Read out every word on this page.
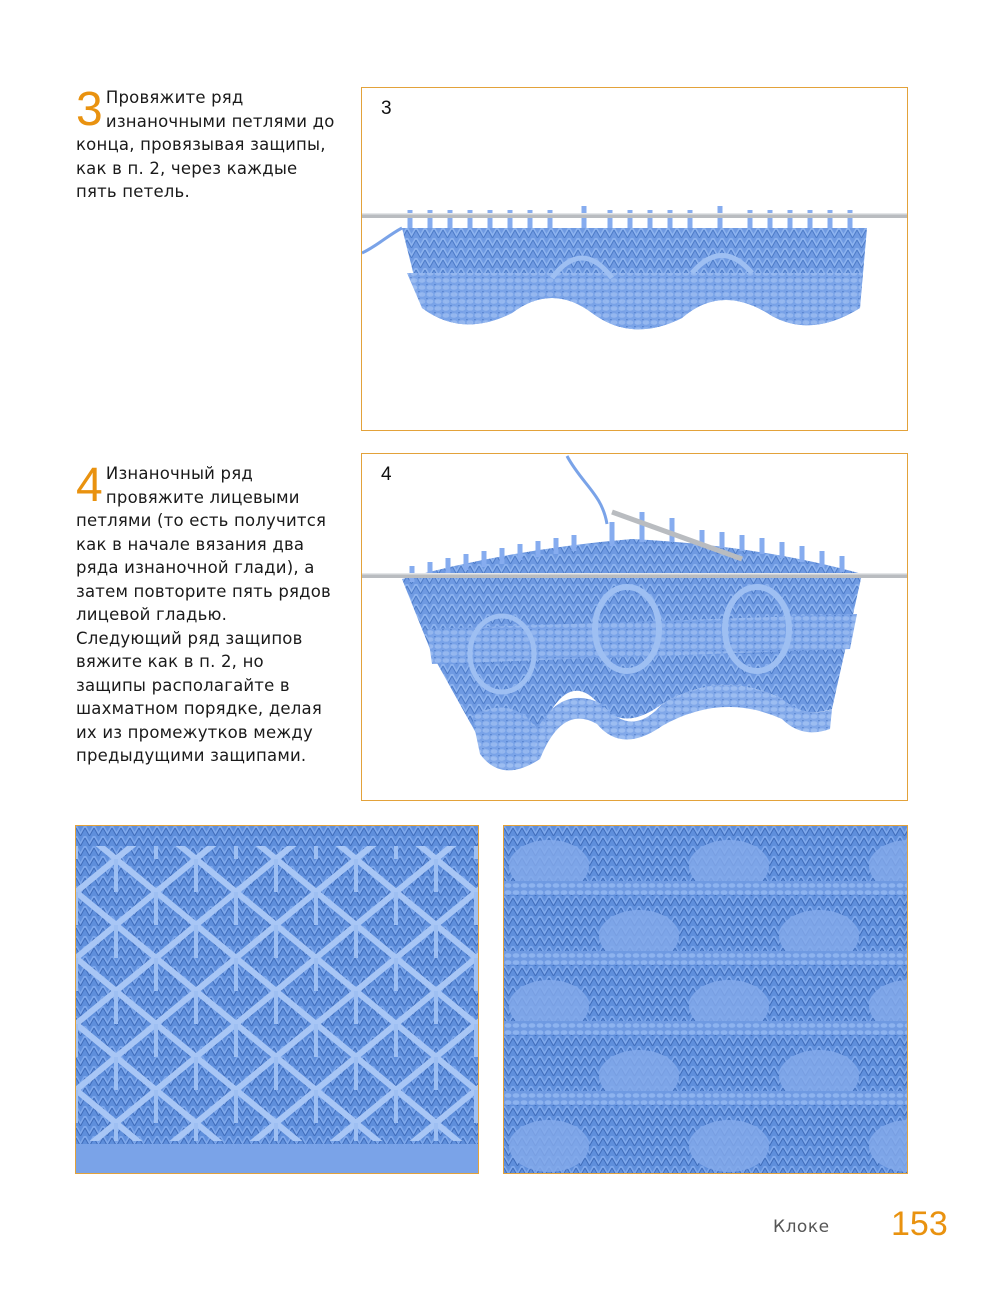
3 Провяжите ряд изнаночными петлями до конца, провязывая защипы, как в п. 2, через каждые пять петель.
3
4 Изнаночный ряд провяжите лицевыми петлями (то есть получится как в начале вязания два ряда изнаночной глади), а затем повторите пять рядов лицевой гладью. Следующий ряд защипов вяжите как в п. 2, но защипы располагайте в шахматном порядке, делая их из промежутков между предыдущими защипами.
4
Клоке 153
